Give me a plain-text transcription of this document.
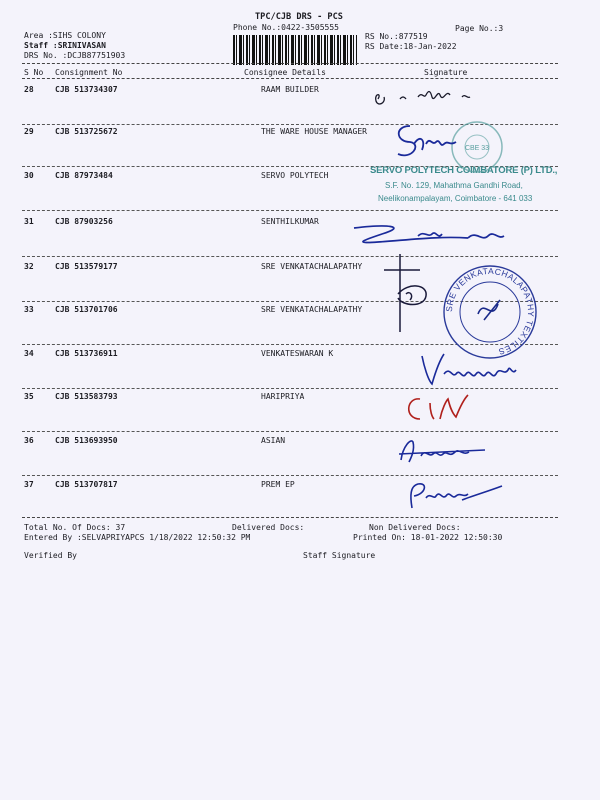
TPC/CJB DRS - PCS
Phone No.:0422-3505555	Page No.:3
Area :SIHS COLONY
Staff :SRINIVASAN
DRS No. :DCJB87751903
RS No.:877519
RS Date:18-Jan-2022
S No Consignment No	Consignee Details	Signature
28	CJB 513734307	RAAM BUILDER
29	CJB 513725672	THE WARE HOUSE MANAGER
30	CJB 87973484	SERVO POLYTECH
31	CJB 87903256	SENTHILKUMAR
32	CJB 513579177	SRE VENKATACHALAPATHY
33	CJB 513701706	SRE VENKATACHALAPATHY
34	CJB 513736911	VENKATESWARAN K
35	CJB 513583793	HARIPRIYA
36	CJB 513693950	ASIAN
37	CJB 513707817	PREM EP
Total No. Of Docs: 37	Delivered Docs:	Non Delivered Docs:
Entered By :SELVAPRIYAPCS 1/18/2022 12:50:32 PM	Printed On: 18-01-2022 12:50:30
Verified By	Staff Signature
SERVO POLYTECH COIMBATORE (P) LTD.,
S.F. No. 129, Mahathma Gandhi Road,
Neelikonampalayam, Coimbatore - 641 033
CBE 33
SRE VENKATACHALAPATHY TEXTILES
